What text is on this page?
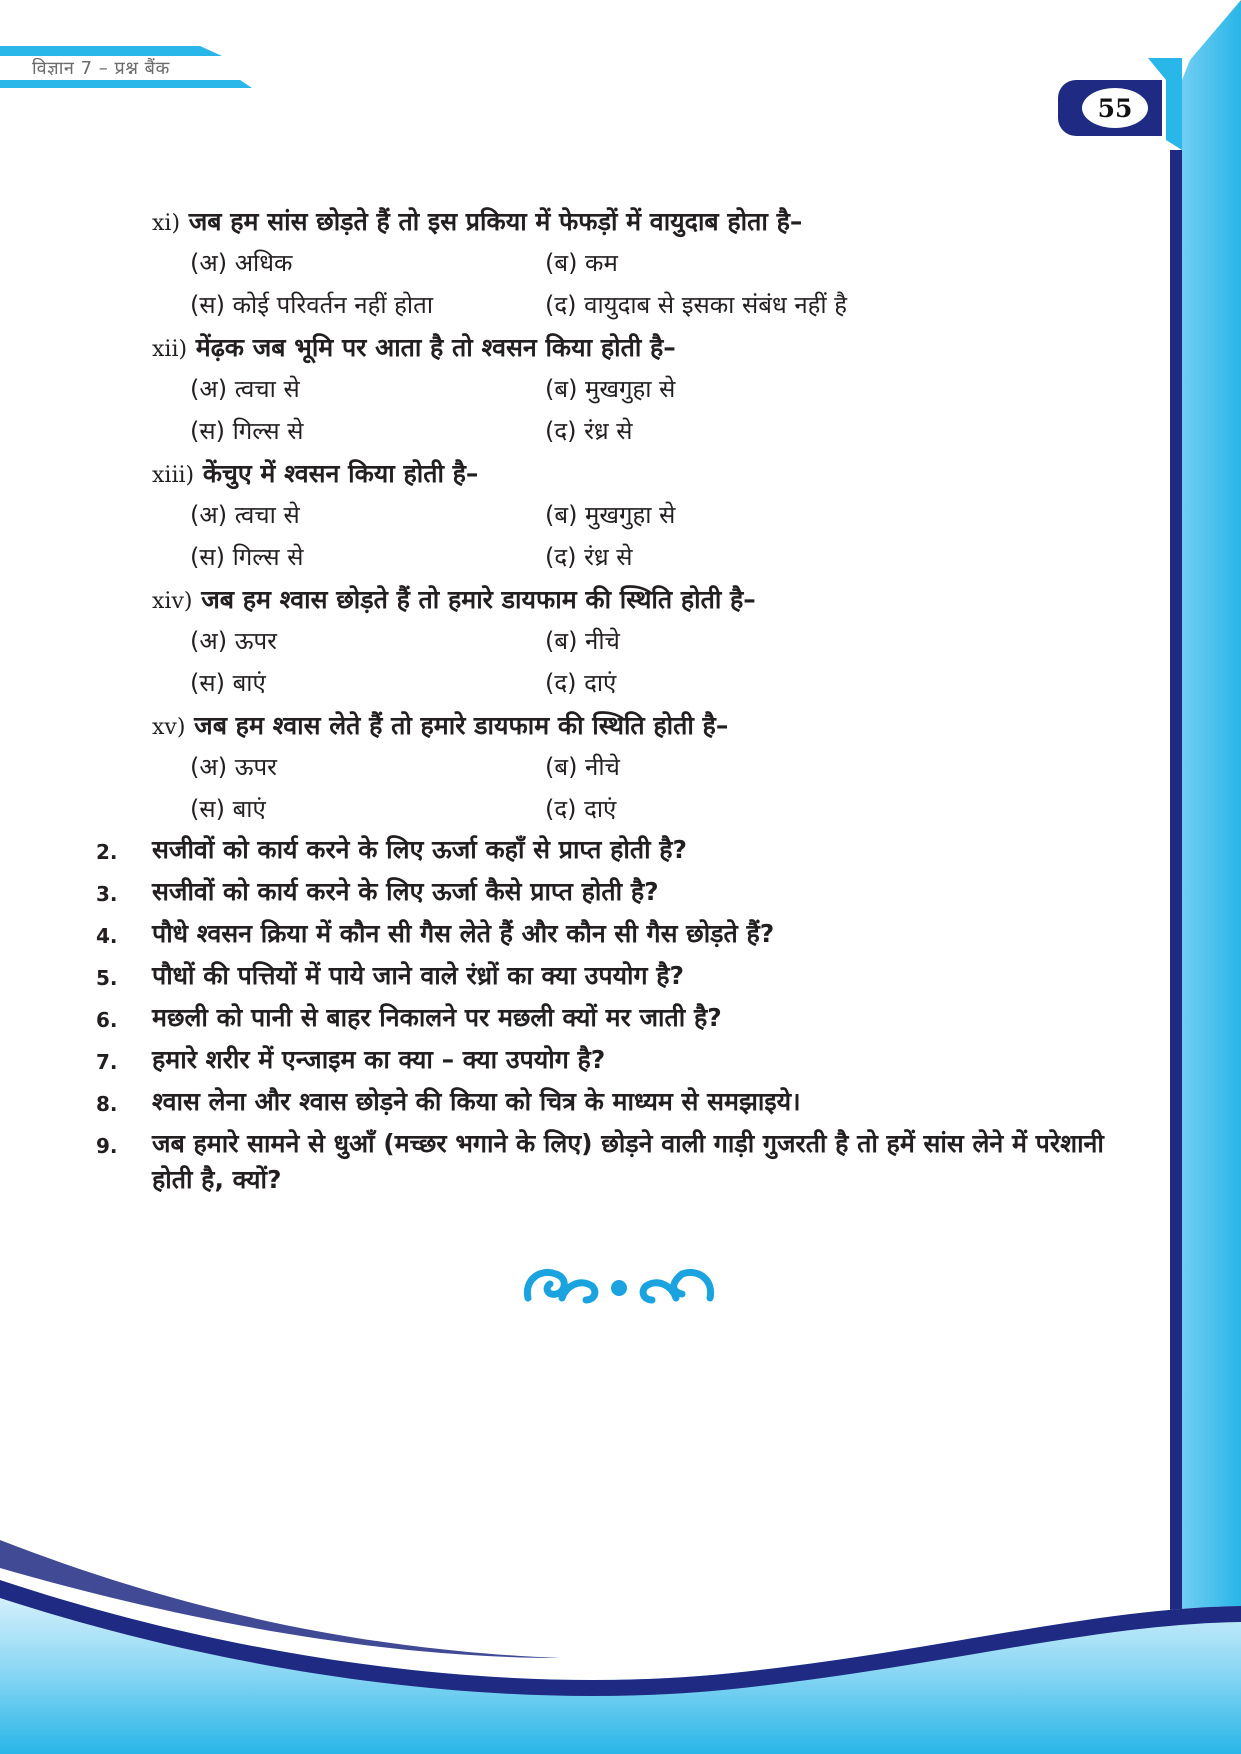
विज्ञान 7 – प्रश्न बैंक
55
xi) जब हम सांस छोड़ते हैं तो इस प्रकिया में फेफड़ों में वायुदाब होता है–
(अ) अधिक	(ब) कम
(स) कोई परिवर्तन नहीं होता	(द) वायुदाब से इसका संबंध नहीं है
xii) मेंढ़क जब भूमि पर आता है तो श्वसन किया होती है–
(अ) त्वचा से	(ब) मुखगुहा से
(स) गिल्स से	(द) रंध्र से
xiii) केंचुए में श्वसन किया होती है–
(अ) त्वचा से	(ब) मुखगुहा से
(स) गिल्स से	(द) रंध्र से
xiv) जब हम श्वास छोड़ते हैं तो हमारे डायफाम की स्थिति होती है–
(अ) ऊपर	(ब) नीचे
(स) बाएं	(द) दाएं
xv) जब हम श्वास लेते हैं तो हमारे डायफाम की स्थिति होती है–
(अ) ऊपर	(ब) नीचे
(स) बाएं	(द) दाएं
2. सजीवों को कार्य करने के लिए ऊर्जा कहाँ से प्राप्त होती है?
3. सजीवों को कार्य करने के लिए ऊर्जा कैसे प्राप्त होती है?
4. पौधे श्वसन क्रिया में कौन सी गैस लेते हैं और कौन सी गैस छोड़ते हैं?
5. पौधों की पत्तियों में पाये जाने वाले रंध्रों का क्या उपयोग है?
6. मछली को पानी से बाहर निकालने पर मछली क्यों मर जाती है?
7. हमारे शरीर में एन्जाइम का क्या – क्या उपयोग है?
8. श्वास लेना और श्वास छोड़ने की किया को चित्र के माध्यम से समझाइये।
9. जब हमारे सामने से धुआँ (मच्छर भगाने के लिए) छोड़ने वाली गाड़ी गुजरती है तो हमें सांस लेने में परेशानी होती है, क्यों?
